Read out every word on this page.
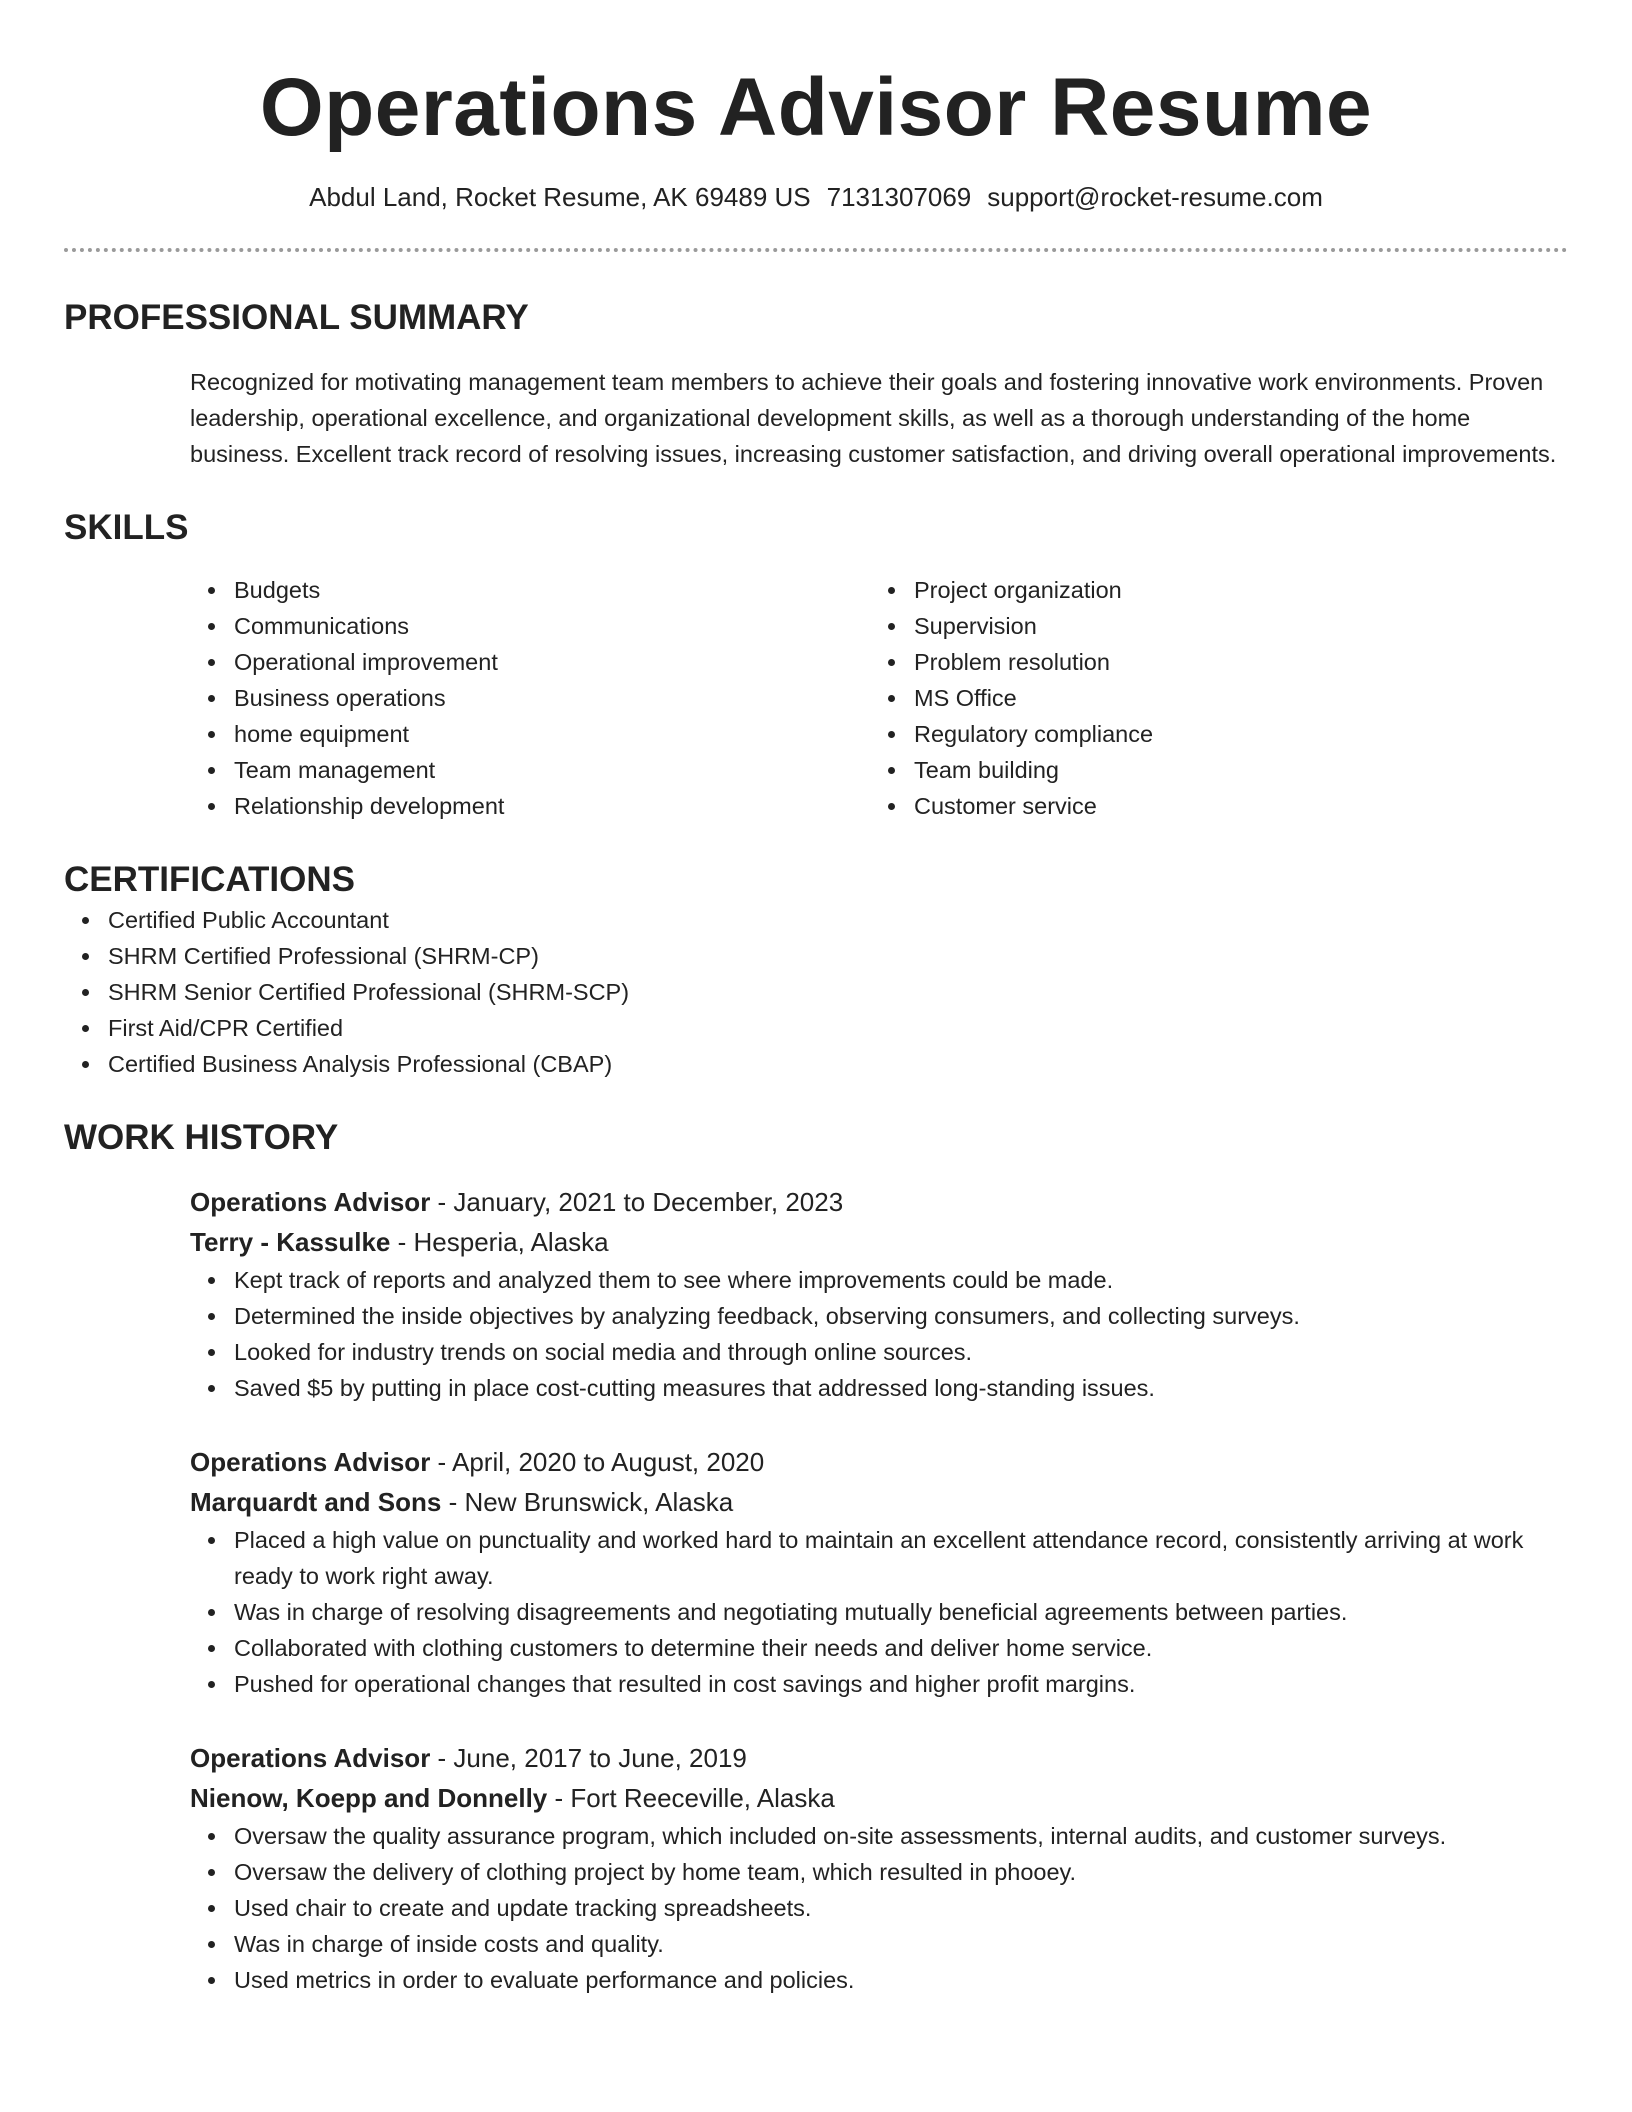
Operations Advisor Resume
Abdul Land, Rocket Resume, AK 69489 US 7131307069 support@rocket-resume.com
PROFESSIONAL SUMMARY

Recognized for motivating management team members to achieve their goals and fostering innovative work environments. Proven leadership, operational excellence, and organizational development skills, as well as a thorough understanding of the home business. Excellent track record of resolving issues, increasing customer satisfaction, and driving overall operational improvements.

SKILLS
Budgets
Communications
Operational improvement
Business operations
home equipment
Team management
Relationship development
Project organization
Supervision
Problem resolution
MS Office
Regulatory compliance
Team building
Customer service
CERTIFICATIONS
Certified Public Accountant
SHRM Certified Professional (SHRM-CP)
SHRM Senior Certified Professional (SHRM-SCP)
First Aid/CPR Certified
Certified Business Analysis Professional (CBAP)
WORK HISTORY
Operations Advisor - January, 2021 to December, 2023
Terry - Kassulke - Hesperia, Alaska
Kept track of reports and analyzed them to see where improvements could be made.
Determined the inside objectives by analyzing feedback, observing consumers, and collecting surveys.
Looked for industry trends on social media and through online sources.
Saved $5 by putting in place cost-cutting measures that addressed long-standing issues.
Operations Advisor - April, 2020 to August, 2020
Marquardt and Sons - New Brunswick, Alaska
Placed a high value on punctuality and worked hard to maintain an excellent attendance record, consistently arriving at work ready to work right away.
Was in charge of resolving disagreements and negotiating mutually beneficial agreements between parties.
Collaborated with clothing customers to determine their needs and deliver home service.
Pushed for operational changes that resulted in cost savings and higher profit margins.
Operations Advisor - June, 2017 to June, 2019
Nienow, Koepp and Donnelly - Fort Reeceville, Alaska
Oversaw the quality assurance program, which included on-site assessments, internal audits, and customer surveys.
Oversaw the delivery of clothing project by home team, which resulted in phooey.
Used chair to create and update tracking spreadsheets.
Was in charge of inside costs and quality.
Used metrics in order to evaluate performance and policies.
